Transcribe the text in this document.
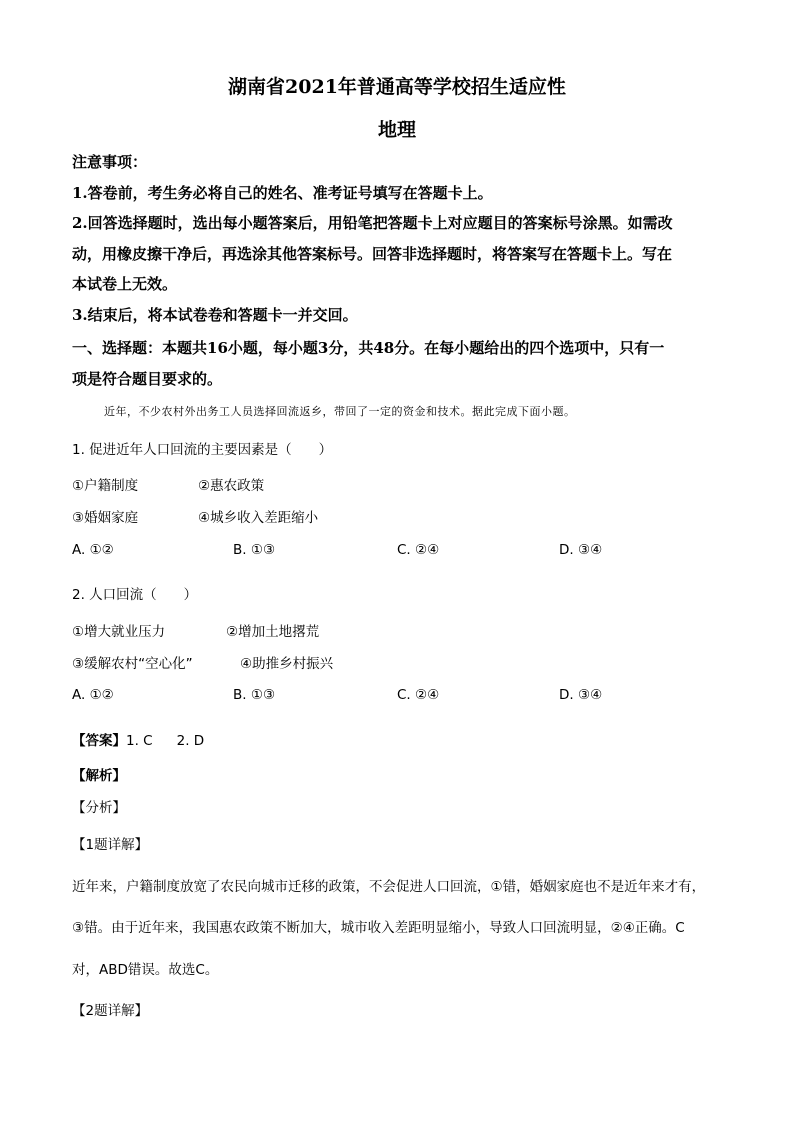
湖南省2021年普通高等学校招生适应性
地理
注意事项：
1.答卷前，考生务必将自己的姓名、准考证号填写在答题卡上。
2.回答选择题时，选出每小题答案后，用铅笔把答题卡上对应题目的答案标号涂黑。如需改
动，用橡皮擦干净后，再选涂其他答案标号。回答非选择题时，将答案写在答题卡上。写在
本试卷上无效。
3.结束后，将本试卷卷和答题卡一并交回。
一、选择题：本题共16小题，每小题3分，共48分。在每小题给出的四个选项中，只有一
项是符合题目要求的。
近年，不少农村外出务工人员选择回流返乡，带回了一定的资金和技术。据此完成下面小题。
1. 促进近年人口回流的主要因素是（　　）
①户籍制度	②惠农政策
③婚姻家庭	④城乡收入差距缩小
A. ①②	B. ①③	C. ②④	D. ③④
2. 人口回流（　　）
①增大就业压力	②增加土地撂荒
③缓解农村“空心化”	④助推乡村振兴
A. ①②	B. ①③	C. ②④	D. ③④
【答案】1. C 2. D
【解析】
【分析】
【1题详解】
近年来，户籍制度放宽了农民向城市迁移的政策，不会促进人口回流，①错，婚姻家庭也不是近年来才有，
③错。由于近年来，我国惠农政策不断加大，城市收入差距明显缩小，导致人口回流明显，②④正确。C
对，ABD错误。故选C。
【2题详解】
